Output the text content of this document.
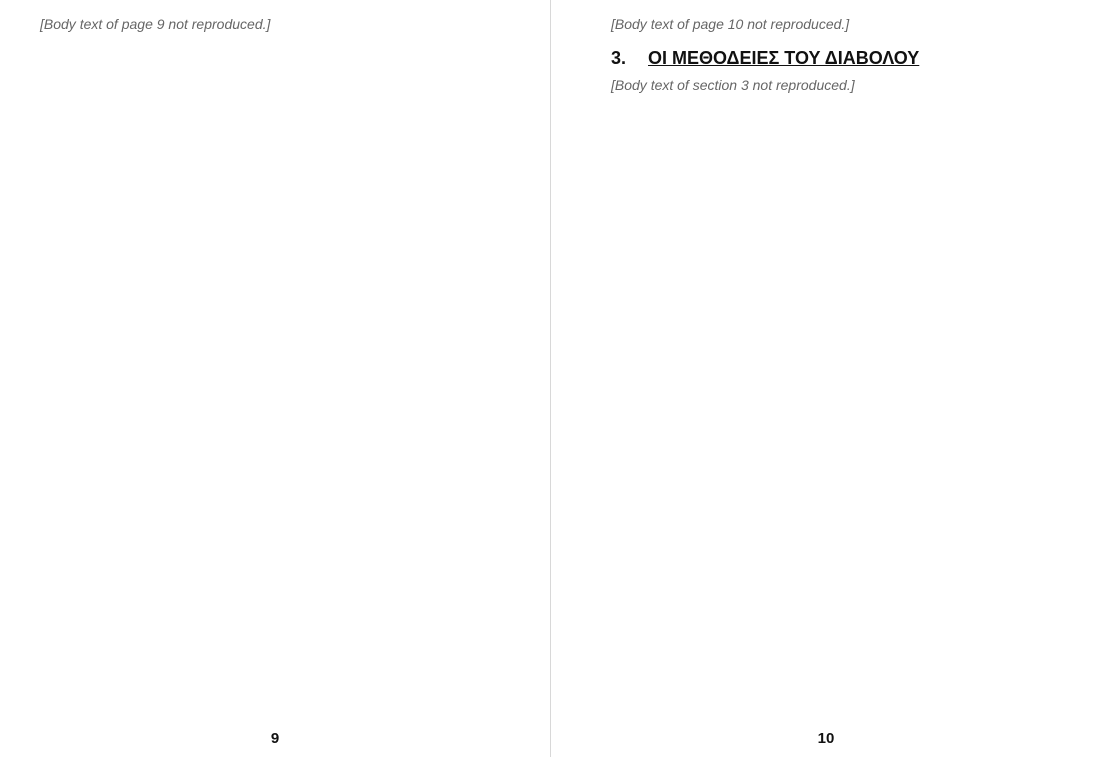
[Body text of page 9 not reproduced.]

9

[Body text of page 10 not reproduced.]

3. ΟΙ ΜΕΘΟΔΕΙΕΣ ΤΟΥ ΔΙΑΒΟΛΟΥ

[Body text of section 3 not reproduced.]

10
